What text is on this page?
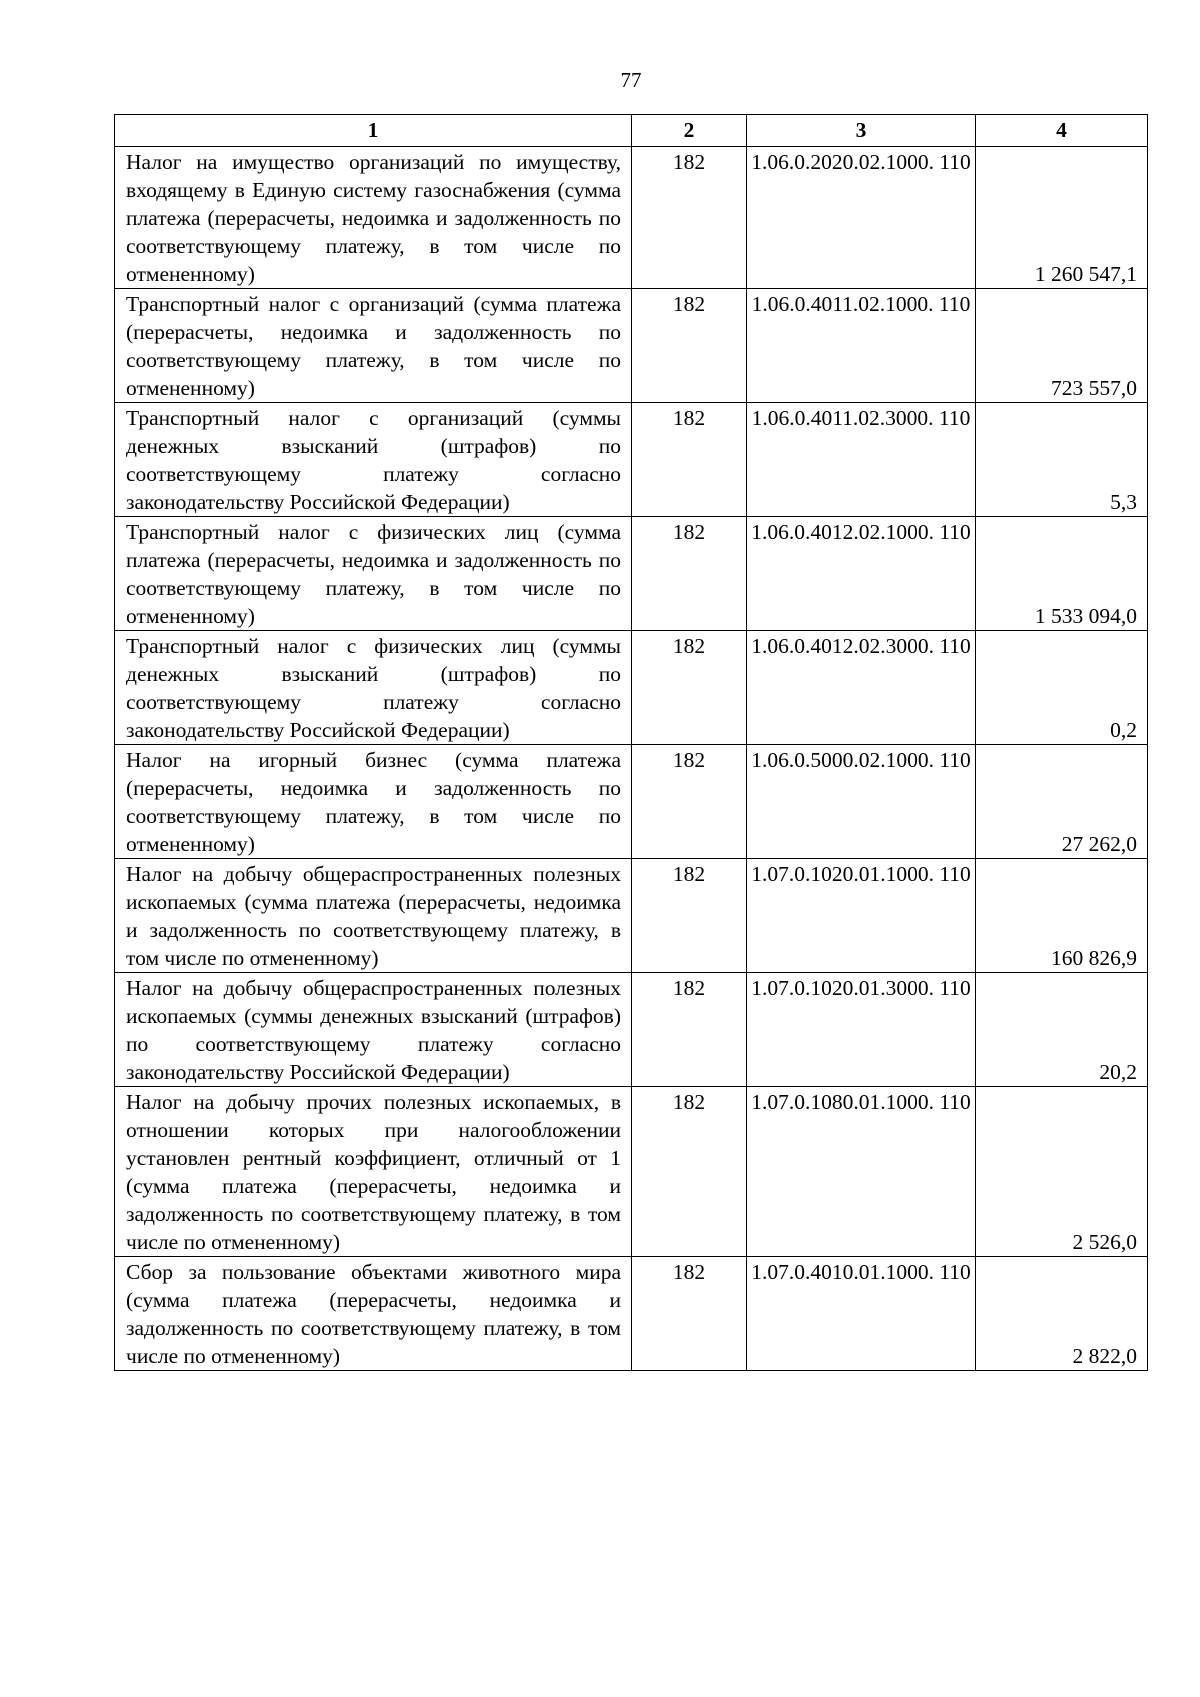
77
1	2	3	4
Налог на имущество организаций по имуществу, входящему в Единую систему газоснабжения (сумма платежа (перерасчеты, недоимка и задолженность по соответствующему платежу, в том числе по отмененному)	182	1.06.0.2020.02.1000. 110	1 260 547,1
Транспортный налог с организаций (сумма платежа (перерасчеты, недоимка и задолженность по соответствующему платежу, в том числе по отмененному)	182	1.06.0.4011.02.1000. 110	723 557,0
Транспортный налог с организаций (суммы денежных взысканий (штрафов) по соответствующему платежу согласно законодательству Российской Федерации)	182	1.06.0.4011.02.3000. 110	5,3
Транспортный налог с физических лиц (сумма платежа (перерасчеты, недоимка и задолженность по соответствующему платежу, в том числе по отмененному)	182	1.06.0.4012.02.1000. 110	1 533 094,0
Транспортный налог с физических лиц (суммы денежных взысканий (штрафов) по соответствующему платежу согласно законодательству Российской Федерации)	182	1.06.0.4012.02.3000. 110	0,2
Налог на игорный бизнес (сумма платежа (перерасчеты, недоимка и задолженность по соответствующему платежу, в том числе по отмененному)	182	1.06.0.5000.02.1000. 110	27 262,0
Налог на добычу общераспространенных полезных ископаемых (сумма платежа (перерасчеты, недоимка и задолженность по соответствующему платежу, в том числе по отмененному)	182	1.07.0.1020.01.1000. 110	160 826,9
Налог на добычу общераспространенных полезных ископаемых (суммы денежных взысканий (штрафов) по соответствующему платежу согласно законодательству Российской Федерации)	182	1.07.0.1020.01.3000. 110	20,2
Налог на добычу прочих полезных ископаемых, в отношении которых при налогообложении установлен рентный коэффициент, отличный от 1 (сумма платежа (перерасчеты, недоимка и задолженность по соответствующему платежу, в том числе по отмененному)	182	1.07.0.1080.01.1000. 110	2 526,0
Сбор за пользование объектами животного мира (сумма платежа (перерасчеты, недоимка и задолженность по соответствующему платежу, в том числе по отмененному)	182	1.07.0.4010.01.1000. 110	2 822,0
